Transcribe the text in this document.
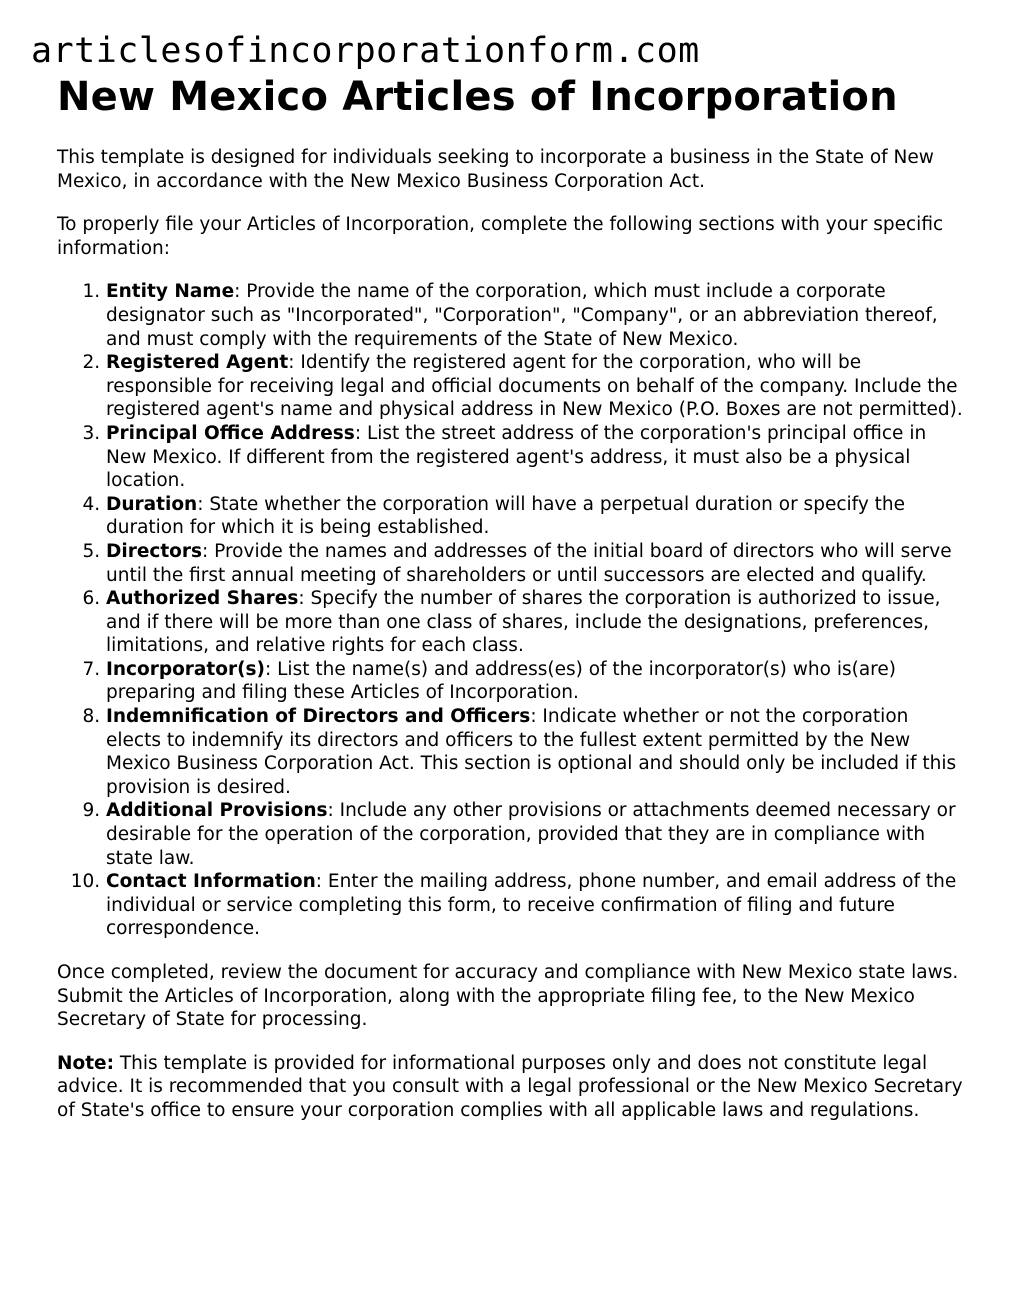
articlesofincorporationform.com
New Mexico Articles of Incorporation

This template is designed for individuals seeking to incorporate a business in the State of New Mexico, in accordance with the New Mexico Business Corporation Act.

To properly file your Articles of Incorporation, complete the following sections with your specific information:

1. Entity Name: Provide the name of the corporation, which must include a corporate designator such as "Incorporated", "Corporation", "Company", or an abbreviation thereof, and must comply with the requirements of the State of New Mexico.
2. Registered Agent: Identify the registered agent for the corporation, who will be responsible for receiving legal and official documents on behalf of the company. Include the registered agent's name and physical address in New Mexico (P.O. Boxes are not permitted).
3. Principal Office Address: List the street address of the corporation's principal office in New Mexico. If different from the registered agent's address, it must also be a physical location.
4. Duration: State whether the corporation will have a perpetual duration or specify the duration for which it is being established.
5. Directors: Provide the names and addresses of the initial board of directors who will serve until the first annual meeting of shareholders or until successors are elected and qualify.
6. Authorized Shares: Specify the number of shares the corporation is authorized to issue, and if there will be more than one class of shares, include the designations, preferences, limitations, and relative rights for each class.
7. Incorporator(s): List the name(s) and address(es) of the incorporator(s) who is(are) preparing and filing these Articles of Incorporation.
8. Indemnification of Directors and Officers: Indicate whether or not the corporation elects to indemnify its directors and officers to the fullest extent permitted by the New Mexico Business Corporation Act. This section is optional and should only be included if this provision is desired.
9. Additional Provisions: Include any other provisions or attachments deemed necessary or desirable for the operation of the corporation, provided that they are in compliance with state law.
10. Contact Information: Enter the mailing address, phone number, and email address of the individual or service completing this form, to receive confirmation of filing and future correspondence.

Once completed, review the document for accuracy and compliance with New Mexico state laws. Submit the Articles of Incorporation, along with the appropriate filing fee, to the New Mexico Secretary of State for processing.

Note: This template is provided for informational purposes only and does not constitute legal advice. It is recommended that you consult with a legal professional or the New Mexico Secretary of State's office to ensure your corporation complies with all applicable laws and regulations.
